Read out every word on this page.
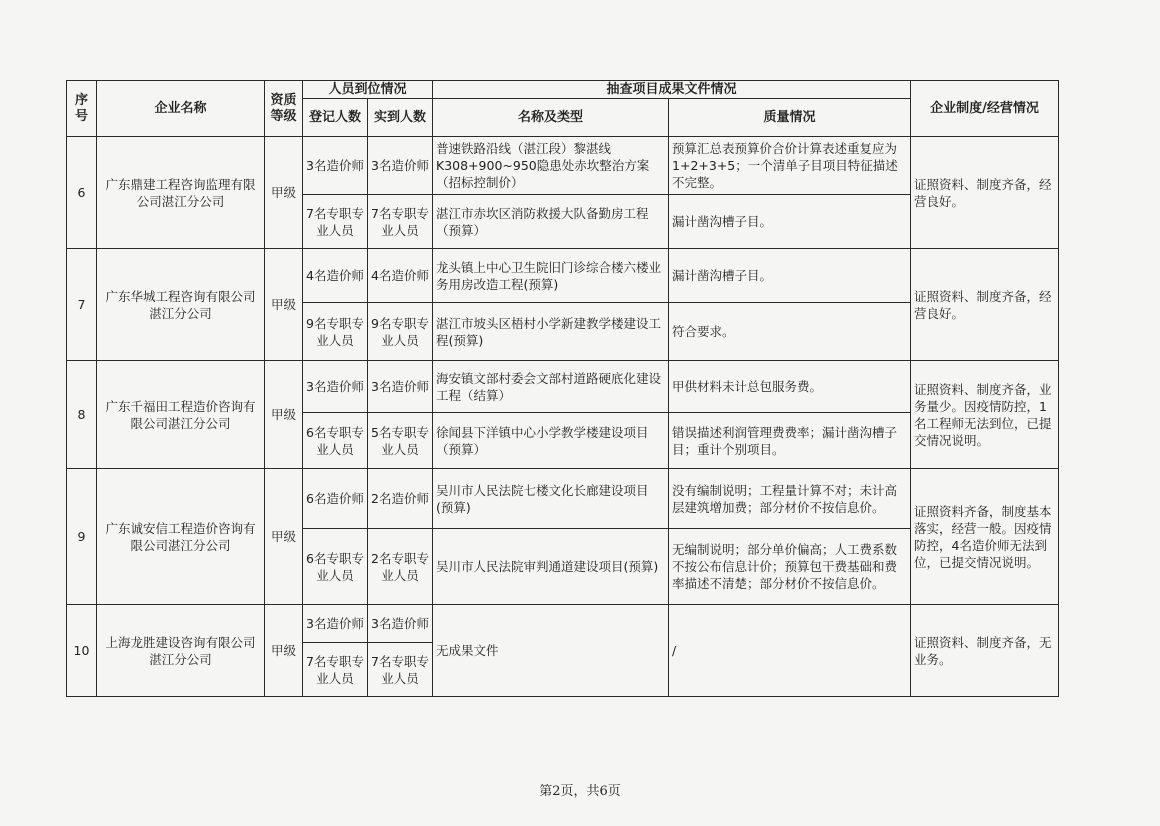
序号	企业名称	资质等级	人员到位情况		抽查项目成果文件情况		企业制度/经营情况
			登记人数	实到人数	名称及类型	质量情况	
6	广东鼎建工程咨询监理有限公司湛江分公司	甲级	3名造价师	3名造价师	普速铁路沿线（湛江段）黎湛线K308+900~950隐患处赤坎整治方案（招标控制价）	预算汇总表预算价合价计算表述重复应为1+2+3+5；一个清单子目项目特征描述不完整。	证照资料、制度齐备，经营良好。
			7名专职专业人员	7名专职专业人员	湛江市赤坎区消防救援大队备勤房工程（预算）	漏计凿沟槽子目。	
7	广东华城工程咨询有限公司湛江分公司	甲级	4名造价师	4名造价师	龙头镇上中心卫生院旧门诊综合楼六楼业务用房改造工程(预算)	漏计凿沟槽子目。	证照资料、制度齐备，经营良好。
			9名专职专业人员	9名专职专业人员	湛江市坡头区梧村小学新建教学楼建设工程(预算)	符合要求。	
8	广东千福田工程造价咨询有限公司湛江分公司	甲级	3名造价师	3名造价师	海安镇文部村委会文部村道路硬底化建设工程（结算）	甲供材料未计总包服务费。	证照资料、制度齐备，业务量少。因疫情防控，1名工程师无法到位，已提交情况说明。
			6名专职专业人员	5名专职专业人员	徐闻县下洋镇中心小学教学楼建设项目（预算）	错误描述利润管理费费率；漏计凿沟槽子目；重计个别项目。	
9	广东诚安信工程造价咨询有限公司湛江分公司	甲级	6名造价师	2名造价师	吴川市人民法院七楼文化长廊建设项目(预算)	没有编制说明；工程量计算不对；未计高层建筑增加费；部分材价不按信息价。	证照资料齐备，制度基本落实，经营一般。因疫情防控，4名造价师无法到位，已提交情况说明。
			6名专职专业人员	2名专职专业人员	吴川市人民法院审判通道建设项目(预算)	无编制说明；部分单价偏高；人工费系数不按公布信息计价；预算包干费基础和费率描述不清楚；部分材价不按信息价。	
10	上海龙胜建设咨询有限公司湛江分公司	甲级	3名造价师	3名造价师	无成果文件	/	证照资料、制度齐备，无业务。
			7名专职专业人员	7名专职专业人员			
第2页，共6页
